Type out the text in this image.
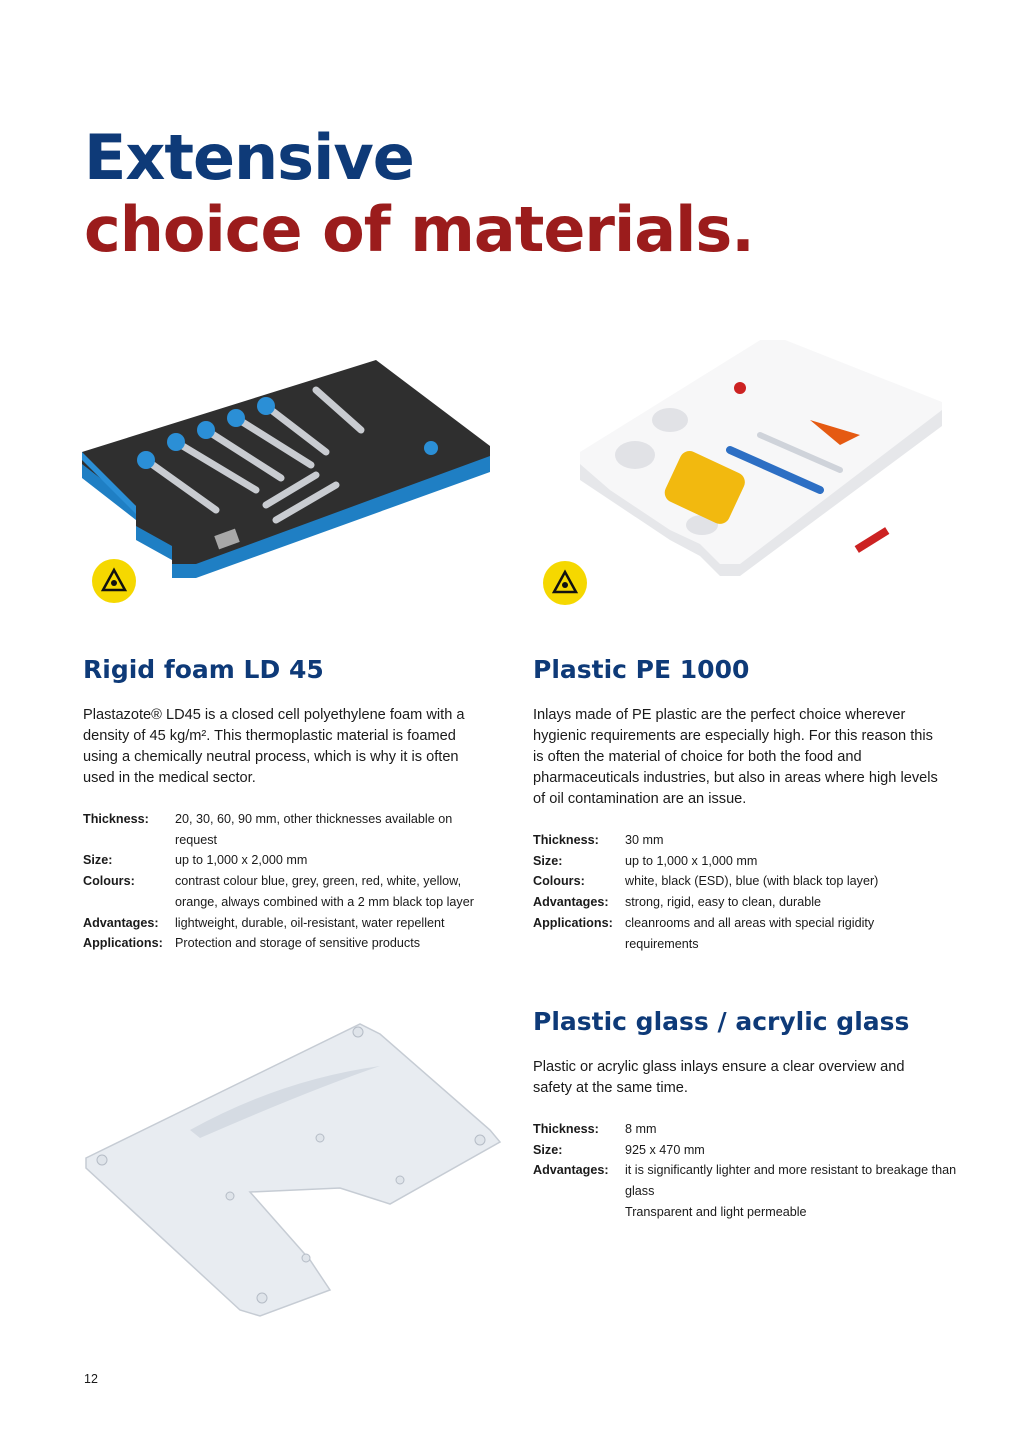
Extensive
choice of materials.
Rigid foam LD 45

Plastazote® LD45 is a closed cell polyethylene foam with a density of 45 kg/m². This thermoplastic material is foamed using a chemically neutral process, which is why it is often used in the medical sector.

Thickness:	20, 30, 60, 90 mm, other thicknesses available on request
Size:	up to 1,000 x 2,000 mm
Colours:	contrast colour blue, grey, green, red, white, yellow, orange, always combined with a 2 mm black top layer
Advantages:	lightweight, durable, oil-resistant, water repellent
Applications:	Protection and storage of sensitive products
Plastic PE 1000

Inlays made of PE plastic are the perfect choice wherever hygienic requirements are especially high. For this reason this is often the material of choice for both the food and pharmaceuticals industries, but also in areas where high levels of oil contamination are an issue.

Thickness:	30 mm
Size:	up to 1,000 x 1,000 mm
Colours:	white, black (ESD), blue (with black top layer)
Advantages:	strong, rigid, easy to clean, durable
Applications:	cleanrooms and all areas with special rigidity requirements
Plastic glass / acrylic glass

Plastic or acrylic glass inlays ensure a clear overview and safety at the same time.

Thickness:	8 mm
Size:	925 x 470 mm
Advantages:	it is significantly lighter and more resistant to breakage than glass
Transparent and light permeable
12
